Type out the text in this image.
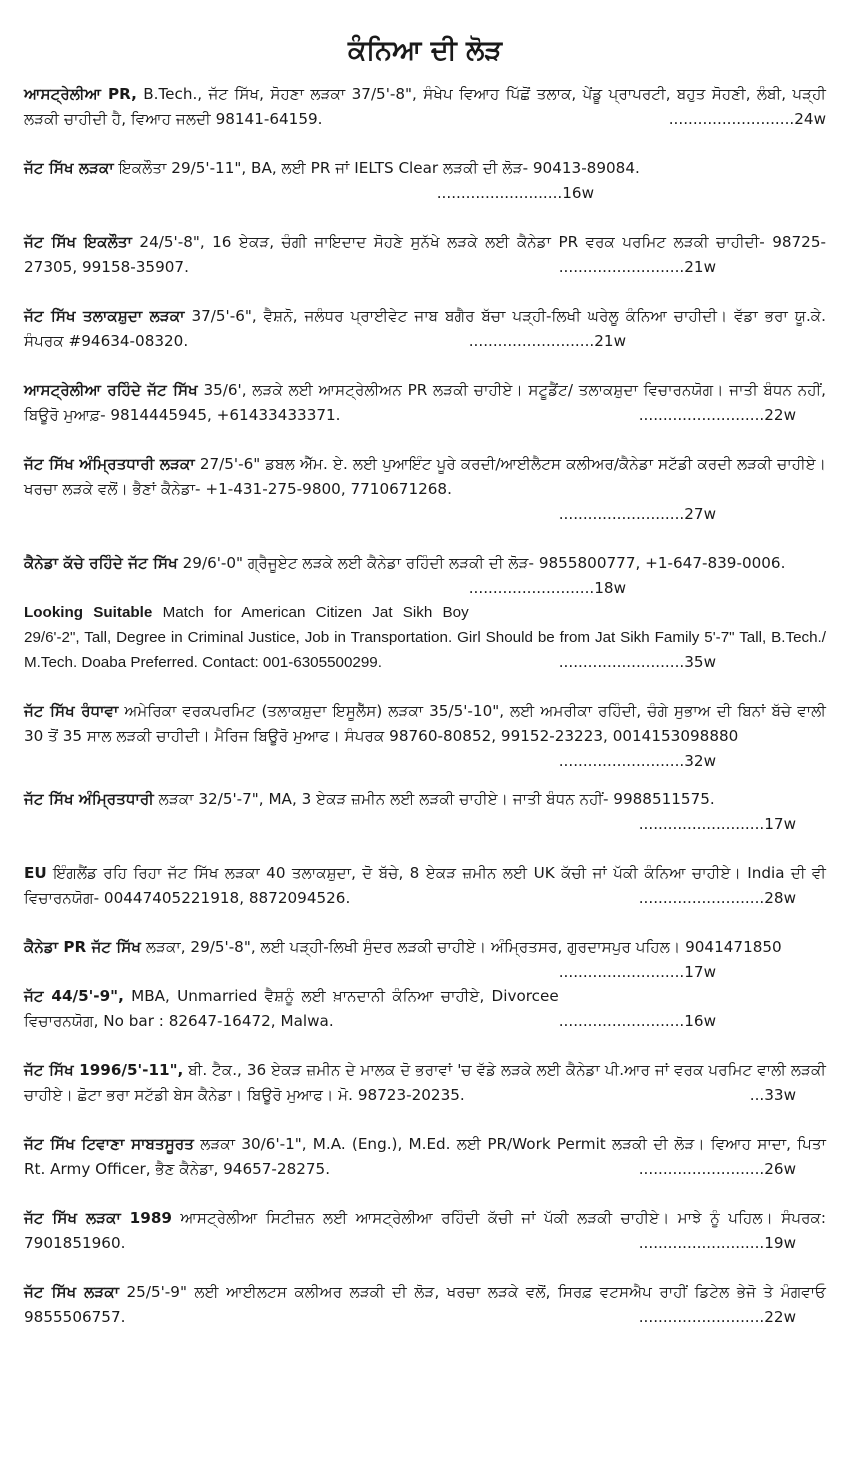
ਕੰਨਿਆ ਦੀ ਲੋੜ
ਆਸਟ੍ਰੇਲੀਆ PR, B.Tech., ਜੱਟ ਸਿੱਖ, ਸੋਹਣਾ ਲੜਕਾ 37/5'-8", ਸੰਖੇਪ ਵਿਆਹ ਪਿੱਛੋਂ ਤਲਾਕ, ਪੇਂਡੂ ਪ੍ਰਾਪਰਟੀ, ਬਹੁਤ ਸੋਹਣੀ, ਲੰਬੀ, ਪੜ੍ਹੀ ਲੜਕੀ ਚਾਹੀਦੀ ਹੈ, ਵਿਆਹ ਜਲਦੀ 98141-64159.	..........................24w
ਜੱਟ ਸਿੱਖ ਲੜਕਾ ਇਕਲੌਤਾ 29/5'-11", BA, ਲਈ PR ਜਾਂ IELTS Clear ਲੜਕੀ ਦੀ ਲੋੜ- 90413-89084.
..........................16w
ਜੱਟ ਸਿੱਖ ਇਕਲੌਤਾ 24/5'-8", 16 ਏਕੜ, ਚੰਗੀ ਜਾਇਦਾਦ ਸੋਹਣੇ ਸੁਨੱਖੇ ਲੜਕੇ ਲਈ ਕੈਨੇਡਾ PR ਵਰਕ ਪਰਮਿਟ ਲੜਕੀ ਚਾਹੀਦੀ- 98725-27305, 99158-35907.	..........................21w
ਜੱਟ ਸਿੱਖ ਤਲਾਕਸ਼ੁਦਾ ਲੜਕਾ 37/5'-6", ਵੈਸ਼ਨੋ, ਜਲੰਧਰ ਪ੍ਰਾਈਵੇਟ ਜਾਬ ਬਗੈਰ ਬੱਚਾ ਪੜ੍ਹੀ-ਲਿਖੀ ਘਰੇਲੂ ਕੰਨਿਆ ਚਾਹੀਦੀ। ਵੱਡਾ ਭਰਾ ਯੂ.ਕੇ. ਸੰਪਰਕ #94634-08320.	..........................21w
ਆਸਟ੍ਰੇਲੀਆ ਰਹਿੰਦੇ ਜੱਟ ਸਿੱਖ 35/6', ਲੜਕੇ ਲਈ ਆਸਟ੍ਰੇਲੀਅਨ PR ਲੜਕੀ ਚਾਹੀਏ। ਸਟੂਡੈਂਟ/ ਤਲਾਕਸ਼ੁਦਾ ਵਿਚਾਰਨਯੋਗ। ਜਾਤੀ ਬੰਧਨ ਨਹੀਂ, ਬਿਊਰੋ ਮੁਆਫ਼- 9814445945, +61433433371.	..........................22w
ਜੱਟ ਸਿੱਖ ਅੰਮ੍ਰਿਤਧਾਰੀ ਲੜਕਾ 27/5'-6" ਡਬਲ ਐੱਮ. ਏ. ਲਈ ਪੁਆਇੰਟ ਪੂਰੇ ਕਰਦੀ/ਆਈਲੈਟਸ ਕਲੀਅਰ/ਕੈਨੇਡਾ ਸਟੱਡੀ ਕਰਦੀ ਲੜਕੀ ਚਾਹੀਏ। ਖਰਚਾ ਲੜਕੇ ਵਲੋਂ। ਭੈਣਾਂ ਕੈਨੇਡਾ- +1-431-275-9800, 7710671268.
..........................27w
ਕੈਨੇਡਾ ਕੱਚੇ ਰਹਿੰਦੇ ਜੱਟ ਸਿੱਖ 29/6'-0" ਗ੍ਰੈਜੂਏਟ ਲੜਕੇ ਲਈ ਕੈਨੇਡਾ ਰਹਿੰਦੀ ਲੜਕੀ ਦੀ ਲੋੜ- 9855800777, +1-647-839-0006.
..........................18w
Looking Suitable Match for American Citizen Jat Sikh Boy 29/6'-2", Tall, Degree in Criminal Justice, Job in Transportation. Girl Should be from Jat Sikh Family 5'-7" Tall, B.Tech./ M.Tech. Doaba Preferred. Contact: 001-6305500299.	..........................35w
ਜੱਟ ਸਿੱਖ ਰੰਧਾਵਾ ਅਮੇਰਿਕਾ ਵਰਕਪਰਮਿਟ (ਤਲਾਕਸ਼ੁਦਾ ਇਸੂਲੈੱਸ) ਲੜਕਾ 35/5'-10", ਲਈ ਅਮਰੀਕਾ ਰਹਿੰਦੀ, ਚੰਗੇ ਸੁਭਾਅ ਦੀ ਬਿਨਾਂ ਬੱਚੇ ਵਾਲੀ 30 ਤੋਂ 35 ਸਾਲ ਲੜਕੀ ਚਾਹੀਦੀ। ਮੈਰਿਜ ਬਿਊਰੋ ਮੁਆਫ। ਸੰਪਰਕ 98760-80852, 99152-23223, 0014153098880
..........................32w
ਜੱਟ ਸਿੱਖ ਅੰਮ੍ਰਿਤਧਾਰੀ ਲੜਕਾ 32/5'-7", MA, 3 ਏਕੜ ਜ਼ਮੀਨ ਲਈ ਲੜਕੀ ਚਾਹੀਏ। ਜਾਤੀ ਬੰਧਨ ਨਹੀਂ- 9988511575.
..........................17w
EU ਇੰਗਲੈਂਡ ਰਹਿ ਰਿਹਾ ਜੱਟ ਸਿੱਖ ਲੜਕਾ 40 ਤਲਾਕਸ਼ੁਦਾ, ਦੋ ਬੱਚੇ, 8 ਏਕੜ ਜ਼ਮੀਨ ਲਈ UK ਕੱਚੀ ਜਾਂ ਪੱਕੀ ਕੰਨਿਆ ਚਾਹੀਏ। India ਦੀ ਵੀ ਵਿਚਾਰਨਯੋਗ- 00447405221918, 8872094526.	..........................28w
ਕੈਨੇਡਾ PR ਜੱਟ ਸਿੱਖ ਲੜਕਾ, 29/5'-8", ਲਈ ਪੜ੍ਹੀ-ਲਿਖੀ ਸੁੰਦਰ ਲੜਕੀ ਚਾਹੀਏ। ਅੰਮ੍ਰਿਤਸਰ, ਗੁਰਦਾਸਪੁਰ ਪਹਿਲ। 9041471850
..........................17w
ਜੱਟ 44/5'-9", MBA, Unmarried ਵੈਸ਼ਨੂੰ ਲਈ ਖ਼ਾਨਦਾਨੀ ਕੰਨਿਆ ਚਾਹੀਏ, Divorcee ਵਿਚਾਰਨਯੋਗ, No bar : 82647-16472, Malwa.	..........................16w
ਜੱਟ ਸਿੱਖ 1996/5'-11", ਬੀ. ਟੈਕ., 36 ਏਕੜ ਜ਼ਮੀਨ ਦੇ ਮਾਲਕ ਦੋ ਭਰਾਵਾਂ 'ਚ ਵੱਡੇ ਲੜਕੇ ਲਈ ਕੈਨੇਡਾ ਪੀ.ਆਰ ਜਾਂ ਵਰਕ ਪਰਮਿਟ ਵਾਲੀ ਲੜਕੀ ਚਾਹੀਏ। ਛੋਟਾ ਭਰਾ ਸਟੱਡੀ ਬੇਸ ਕੈਨੇਡਾ। ਬਿਊਰੋ ਮੁਆਫ। ਮੋ. 98723-20235.	...33w
ਜੱਟ ਸਿੱਖ ਟਿਵਾਣਾ ਸਾਬਤਸੂਰਤ ਲੜਕਾ 30/6'-1", M.A. (Eng.), M.Ed. ਲਈ PR/Work Permit ਲੜਕੀ ਦੀ ਲੋੜ। ਵਿਆਹ ਸਾਦਾ, ਪਿਤਾ Rt. Army Officer, ਭੈਣ ਕੈਨੇਡਾ, 94657-28275.	..........................26w
ਜੱਟ ਸਿੱਖ ਲੜਕਾ 1989 ਆਸਟ੍ਰੇਲੀਆ ਸਿਟੀਜ਼ਨ ਲਈ ਆਸਟ੍ਰੇਲੀਆ ਰਹਿੰਦੀ ਕੱਚੀ ਜਾਂ ਪੱਕੀ ਲੜਕੀ ਚਾਹੀਏ। ਮਾਝੇ ਨੂੰ ਪਹਿਲ। ਸੰਪਰਕ: 7901851960.	..........................19w
ਜੱਟ ਸਿੱਖ ਲੜਕਾ 25/5'-9" ਲਈ ਆਈਲਟਸ ਕਲੀਅਰ ਲੜਕੀ ਦੀ ਲੋੜ, ਖਰਚਾ ਲੜਕੇ ਵਲੋਂ, ਸਿਰਫ਼ ਵਟਸਐਪ ਰਾਹੀਂ ਡਿਟੇਲ ਭੇਜੋ ਤੇ ਮੰਗਵਾਓ 9855506757.	..........................22w
